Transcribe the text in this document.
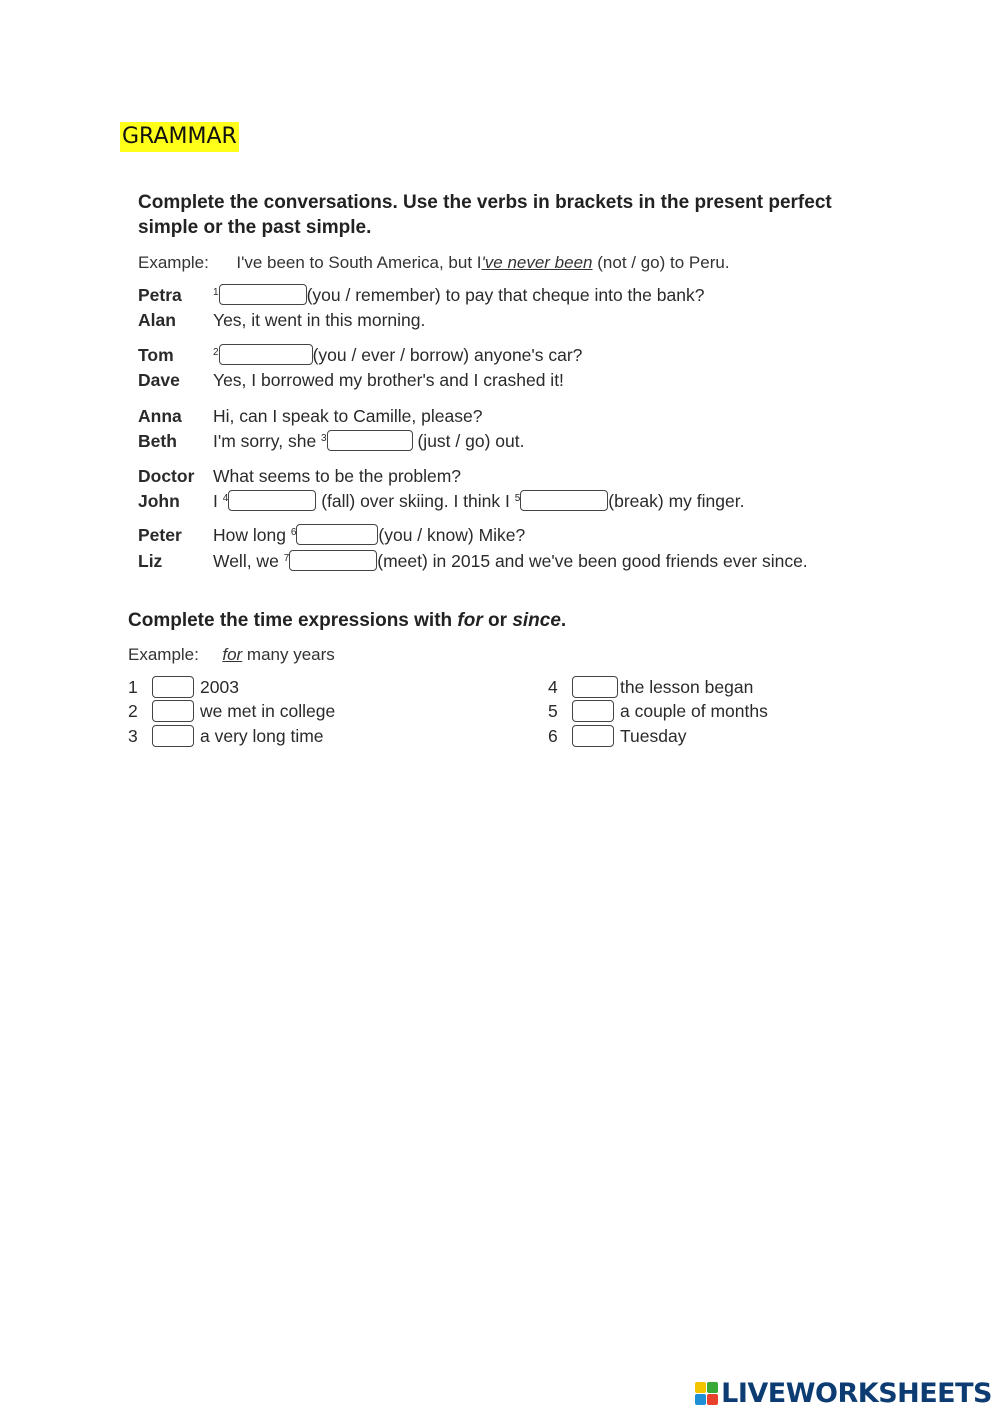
GRAMMAR
Complete the conversations. Use the verbs in brackets in the present perfect
simple or the past simple.
Example: I've been to South America, but I've never been (not / go) to Peru.
Petra	$^1$	(you / remember) to pay that cheque into the bank?
Alan Yes, it went in this morning.
Tom	$^2$	(you / ever / borrow) anyone's car?
Dave Yes, I borrowed my brother's and I crashed it!
Anna Hi, can I speak to Camille, please?
Beth I'm sorry, she $^3$	(just / go) out.
Doctor What seems to be the problem?
John I $^4$	(fall) over skiing. I think I $^5$	(break) my finger.
Peter How long $^6$	(you / know) Mike?
Liz	Well, we $^7$	(meet) in 2015 and we've been good friends ever since.
Complete the time expressions with for or since.
Example: for many years
1	2003
2	we met in college
3	a very long time
4	the lesson began
5	a couple of months
6	Tuesday
LIVEWORKSHEETS
